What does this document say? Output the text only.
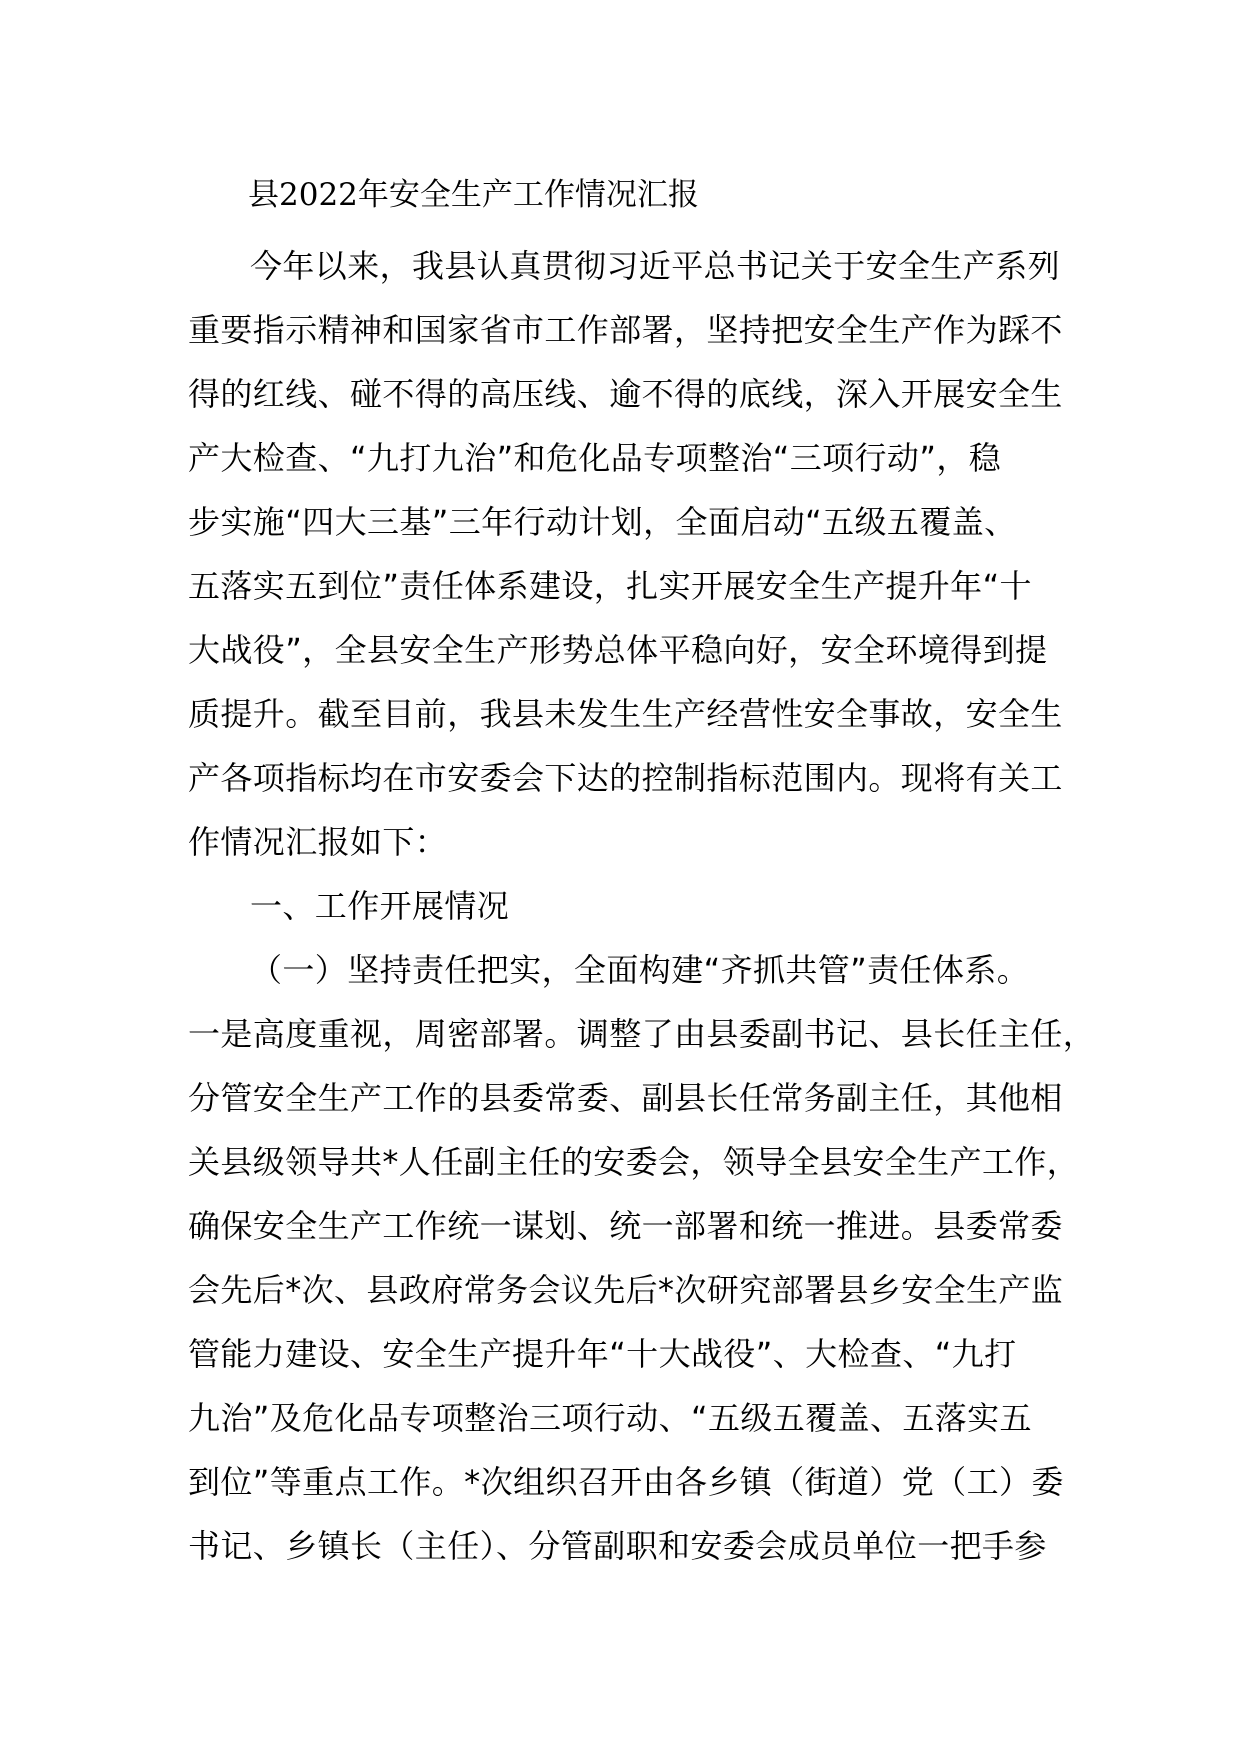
县2022年安全生产工作情况汇报
今年以来，我县认真贯彻习近平总书记关于安全生产系列
重要指示精神和国家省市工作部署，坚持把安全生产作为踩不
得的红线、碰不得的高压线、逾不得的底线，深入开展安全生
产大检查、“九打九治”和危化品专项整治“三项行动”，稳
步实施“四大三基”三年行动计划，全面启动“五级五覆盖、
五落实五到位”责任体系建设，扎实开展安全生产提升年“十
大战役”，全县安全生产形势总体平稳向好，安全环境得到提
质提升。截至目前，我县未发生生产经营性安全事故，安全生
产各项指标均在市安委会下达的控制指标范围内。现将有关工
作情况汇报如下：
一、工作开展情况
（一）坚持责任把实，全面构建“齐抓共管”责任体系。
一是高度重视，周密部署。调整了由县委副书记、县长任主任，
分管安全生产工作的县委常委、副县长任常务副主任，其他相
关县级领导共*人任副主任的安委会，领导全县安全生产工作，
确保安全生产工作统一谋划、统一部署和统一推进。县委常委
会先后*次、县政府常务会议先后*次研究部署县乡安全生产监
管能力建设、安全生产提升年“十大战役”、大检查、“九打
九治”及危化品专项整治三项行动、“五级五覆盖、五落实五
到位”等重点工作。*次组织召开由各乡镇（街道）党（工）委
书记、乡镇长（主任）、分管副职和安委会成员单位一把手参
